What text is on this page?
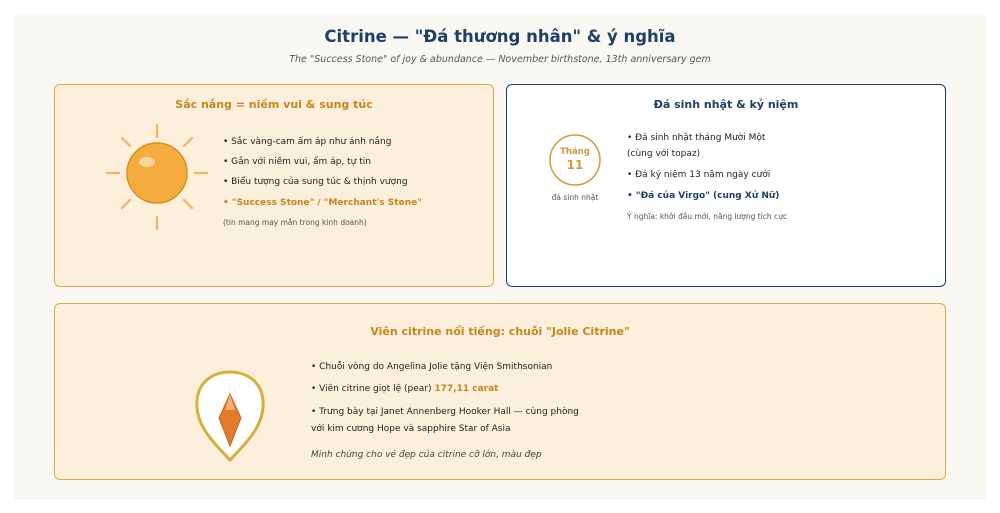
Citrine — "Đá thương nhân" & ý nghĩa
The "Success Stone" of joy & abundance — November birthstone, 13th anniversary gem
Sắc nắng = niềm vui & sung túc
• Sắc vàng-cam ấm áp như ánh nắng
• Gắn với niềm vui, ấm áp, tự tin
• Biểu tượng của sung túc & thịnh vượng
• "Success Stone" / "Merchant's Stone"
(tin mang may mắn trong kinh doanh)
Đá sinh nhật & kỷ niệm
Tháng
11
đá sinh nhật
• Đá sinh nhật tháng Mười Một
(cùng với topaz)
• Đá kỷ niệm 13 năm ngày cưới
• "Đá của Virgo" (cung Xử Nữ)
Ý nghĩa: khởi đầu mới, năng lượng tích cực
Viên citrine nổi tiếng: chuỗi "Jolie Citrine"
• Chuỗi vòng do Angelina Jolie tặng Viện Smithsonian
• Viên citrine giọt lệ (pear) 177,11 carat
• Trưng bày tại Janet Annenberg Hooker Hall — cùng phòng
với kim cương Hope và sapphire Star of Asia
Minh chứng cho vẻ đẹp của citrine cỡ lớn, màu đẹp
